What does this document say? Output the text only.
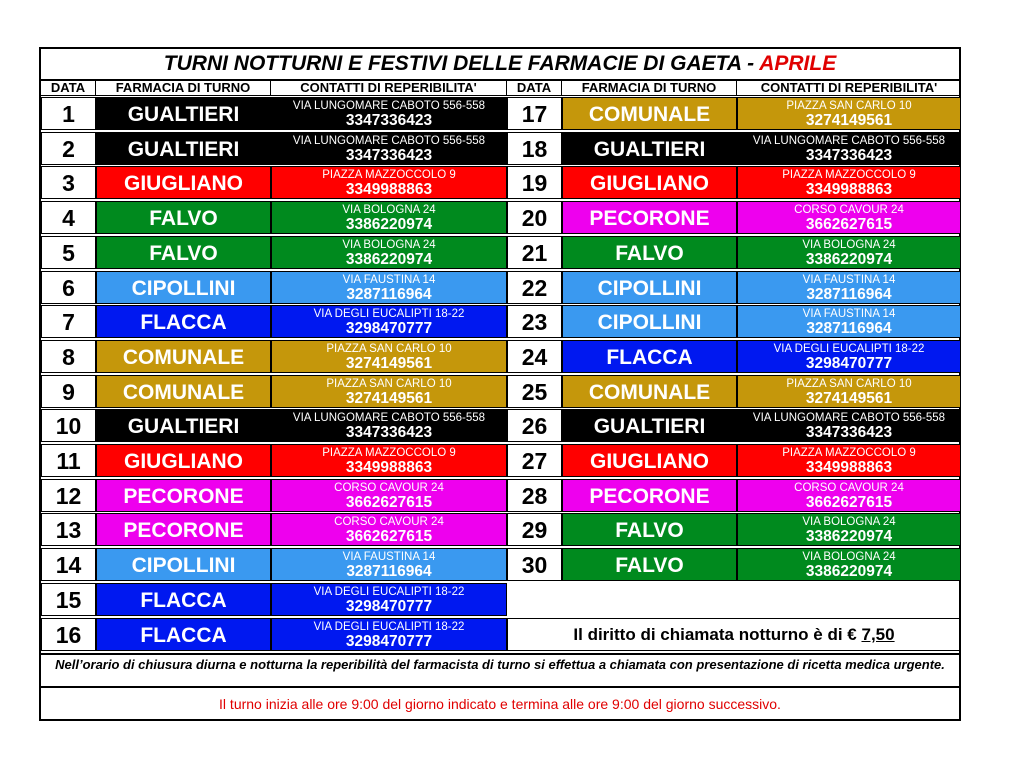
TURNI NOTTURNI E FESTIVI DELLE FARMACIE DI GAETA - APRILE
DATA	FARMACIA DI TURNO	CONTATTI DI REPERIBILITA'	DATA	FARMACIA DI TURNO	CONTATTI DI REPERIBILITA'
1	GUALTIERI	VIA LUNGOMARE CABOTO 556-558
3347336423
2	GUALTIERI	VIA LUNGOMARE CABOTO 556-558
3347336423
3	GIUGLIANO	PIAZZA MAZZOCCOLO 9
3349988863
4	FALVO	VIA BOLOGNA 24
3386220974
5	FALVO	VIA BOLOGNA 24
3386220974
6	CIPOLLINI	VIA FAUSTINA 14
3287116964
7	FLACCA	VIA DEGLI EUCALIPTI 18-22
3298470777
8	COMUNALE	PIAZZA SAN CARLO 10
3274149561
9	COMUNALE	PIAZZA SAN CARLO 10
3274149561
10	GUALTIERI	VIA LUNGOMARE CABOTO 556-558
3347336423
11	GIUGLIANO	PIAZZA MAZZOCCOLO 9
3349988863
12	PECORONE	CORSO CAVOUR 24
3662627615
13	PECORONE	CORSO CAVOUR 24
3662627615
14	CIPOLLINI	VIA FAUSTINA 14
3287116964
15	FLACCA	VIA DEGLI EUCALIPTI 18-22
3298470777
16	FLACCA	VIA DEGLI EUCALIPTI 18-22
3298470777
17	COMUNALE	PIAZZA SAN CARLO 10
3274149561
18	GUALTIERI	VIA LUNGOMARE CABOTO 556-558
3347336423
19	GIUGLIANO	PIAZZA MAZZOCCOLO 9
3349988863
20	PECORONE	CORSO CAVOUR 24
3662627615
21	FALVO	VIA BOLOGNA 24
3386220974
22	CIPOLLINI	VIA FAUSTINA 14
3287116964
23	CIPOLLINI	VIA FAUSTINA 14
3287116964
24	FLACCA	VIA DEGLI EUCALIPTI 18-22
3298470777
25	COMUNALE	PIAZZA SAN CARLO 10
3274149561
26	GUALTIERI	VIA LUNGOMARE CABOTO 556-558
3347336423
27	GIUGLIANO	PIAZZA MAZZOCCOLO 9
3349988863
28	PECORONE	CORSO CAVOUR 24
3662627615
29	FALVO	VIA BOLOGNA 24
3386220974
30	FALVO	VIA BOLOGNA 24
3386220974
Il diritto di chiamata notturno è di € 7,50
Nell’orario di chiusura diurna e notturna la reperibilità del farmacista di turno si effettua a chiamata con presentazione di ricetta medica urgente.
Il turno inizia alle ore 9:00 del giorno indicato e termina alle ore 9:00 del giorno successivo.
